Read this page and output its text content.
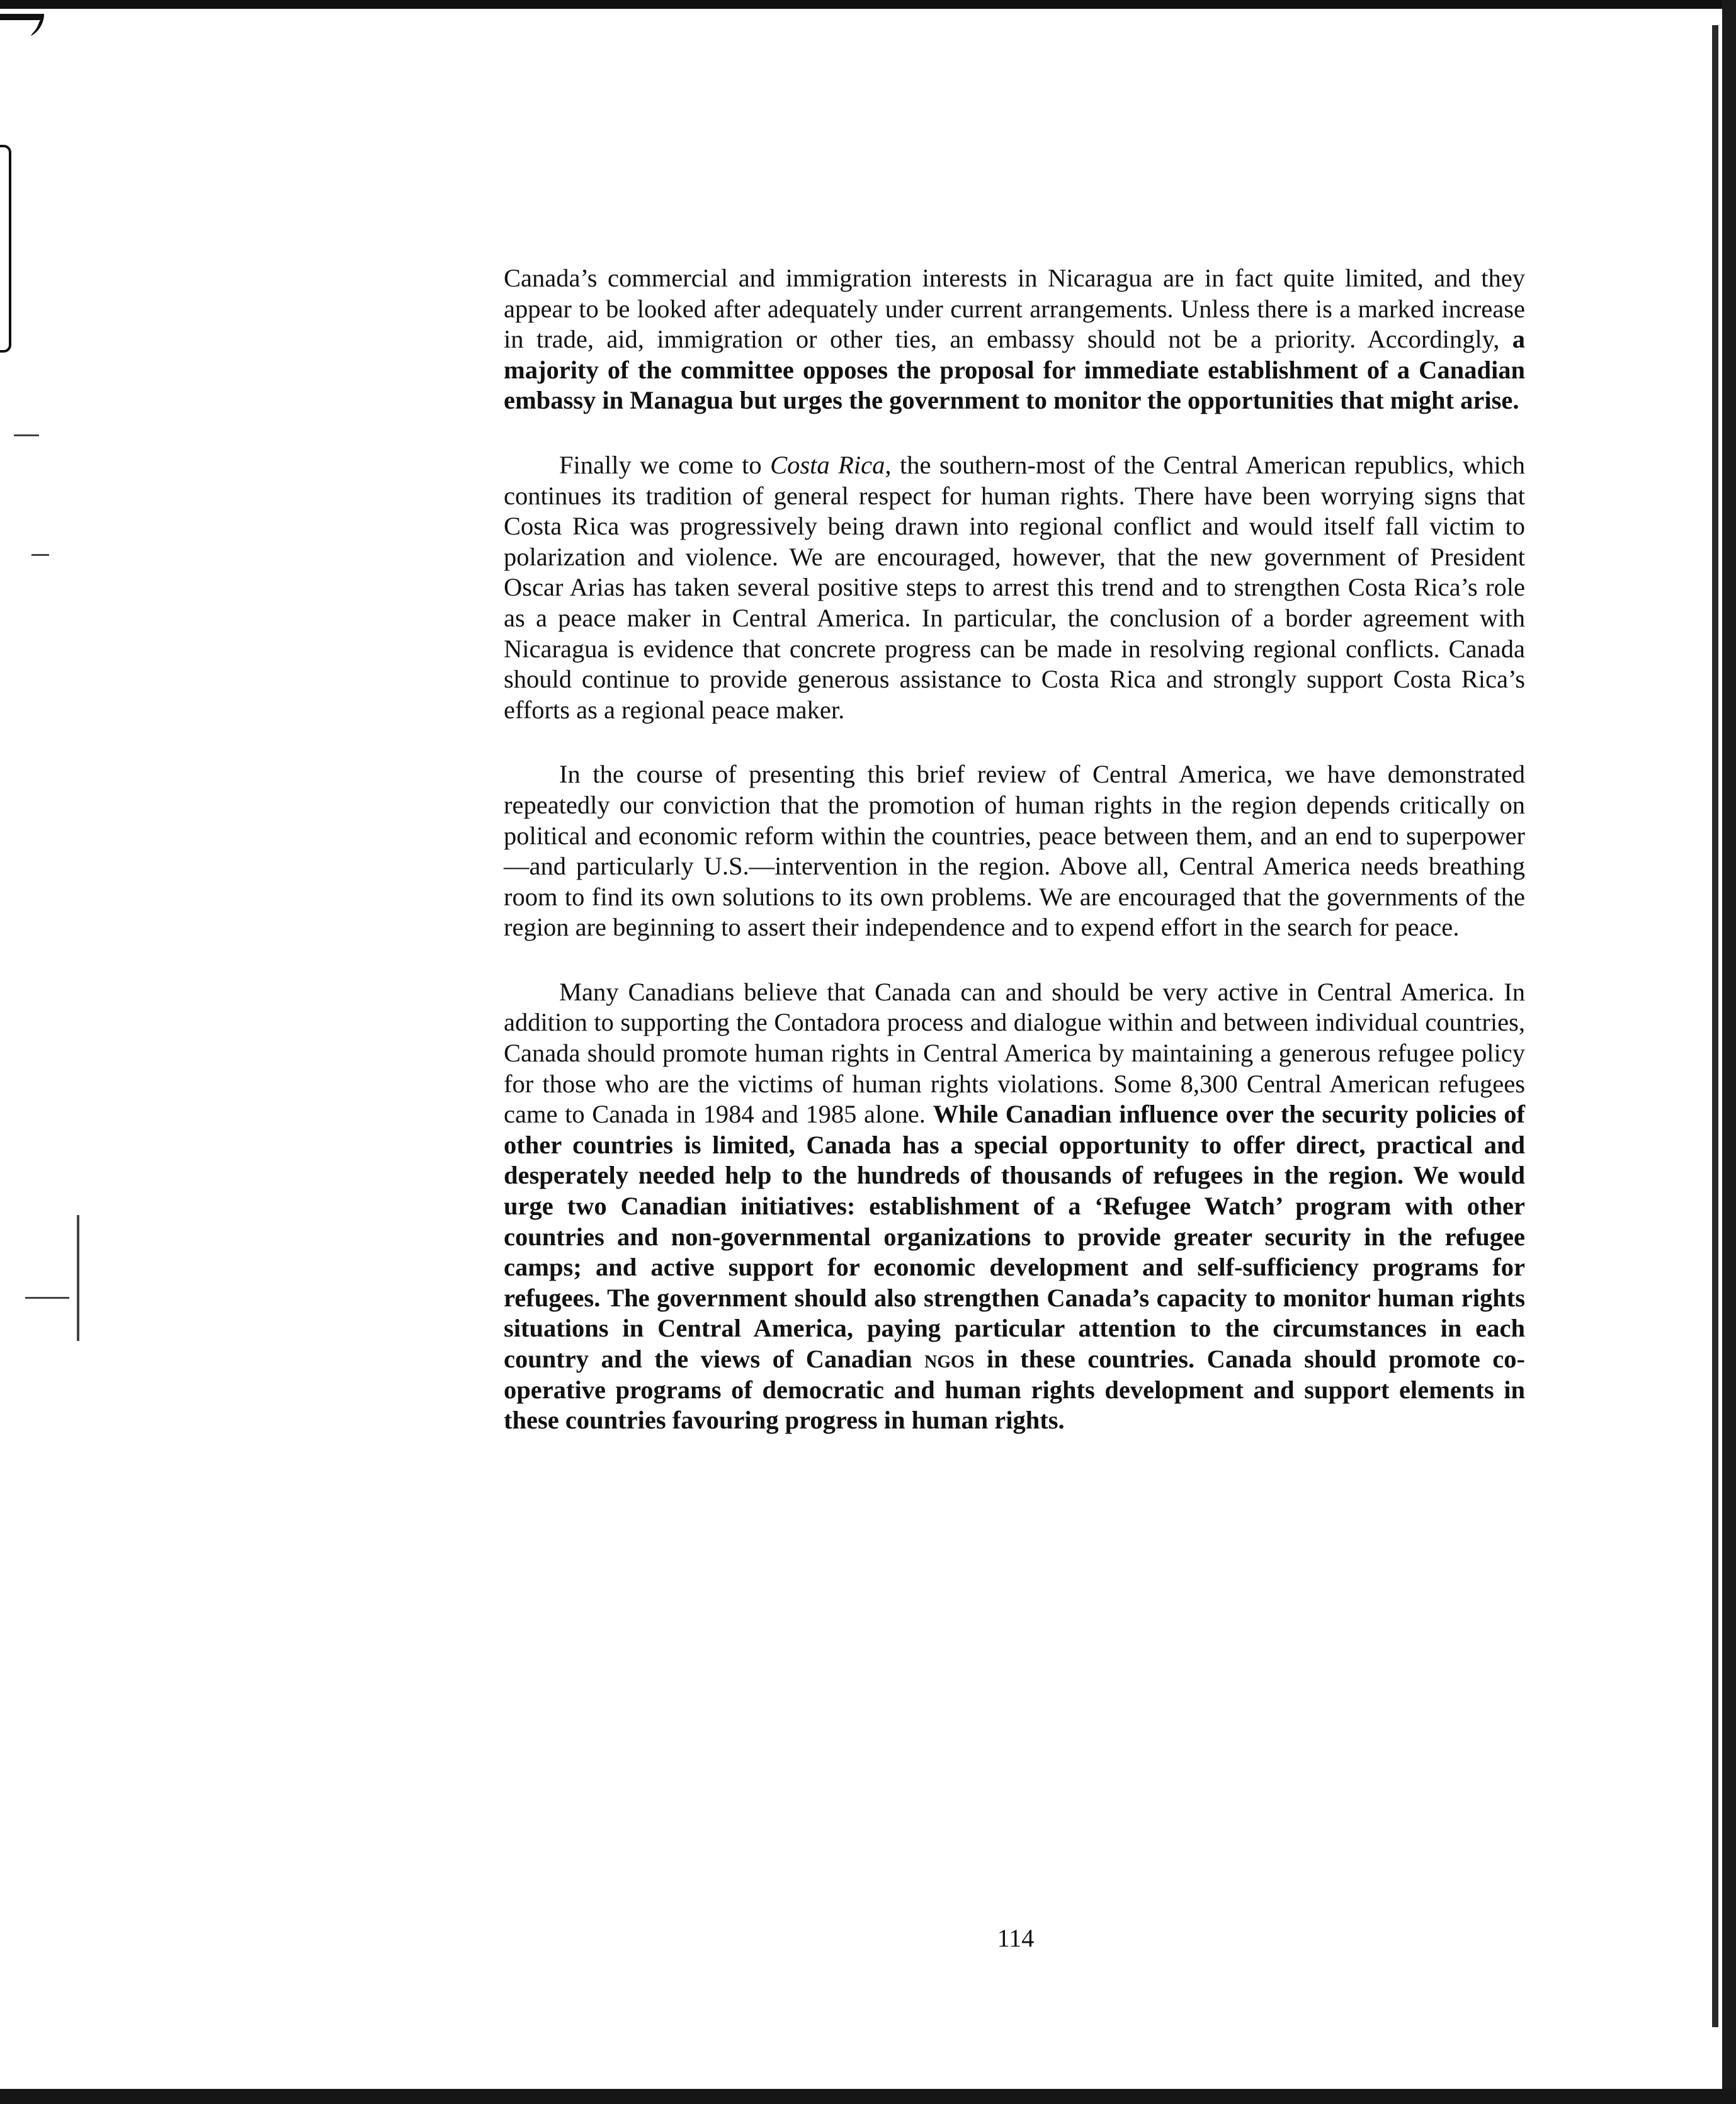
Canada’s commercial and immigration interests in Nicaragua are in fact quite limited, and they appear to be looked after adequately under current arrangements. Unless there is a marked increase in trade, aid, immigration or other ties, an embassy should not be a priority. Accordingly, a majority of the committee opposes the proposal for immediate establishment of a Canadian embassy in Managua but urges the government to monitor the opportunities that might arise.

Finally we come to Costa Rica, the southern-most of the Central American republics, which continues its tradition of general respect for human rights. There have been worrying signs that Costa Rica was progressively being drawn into regional conflict and would itself fall victim to polarization and violence. We are encouraged, however, that the new government of President Oscar Arias has taken several positive steps to arrest this trend and to strengthen Costa Rica’s role as a peace maker in Central America. In particular, the conclusion of a border agreement with Nicaragua is evidence that concrete progress can be made in resolving regional conflicts. Canada should continue to provide generous assistance to Costa Rica and strongly support Costa Rica’s efforts as a regional peace maker.

In the course of presenting this brief review of Central America, we have demonstrated repeatedly our conviction that the promotion of human rights in the region depends critically on political and economic reform within the countries, peace between them, and an end to superpower—and particularly U.S.—intervention in the region. Above all, Central America needs breathing room to find its own solutions to its own problems. We are encouraged that the governments of the region are beginning to assert their independence and to expend effort in the search for peace.

Many Canadians believe that Canada can and should be very active in Central America. In addition to supporting the Contadora process and dialogue within and between individual countries, Canada should promote human rights in Central America by maintaining a generous refugee policy for those who are the victims of human rights violations. Some 8,300 Central American refugees came to Canada in 1984 and 1985 alone. While Canadian influence over the security policies of other countries is limited, Canada has a special opportunity to offer direct, practical and desperately needed help to the hundreds of thousands of refugees in the region. We would urge two Canadian initiatives: establishment of a ‘Refugee Watch’ program with other countries and non-governmental organizations to provide greater security in the refugee camps; and active support for economic development and self-sufficiency programs for refugees. The government should also strengthen Canada’s capacity to monitor human rights situations in Central America, paying particular attention to the circumstances in each country and the views of Canadian ngos in these countries. Canada should promote co-operative programs of democratic and human rights development and support elements in these countries favouring progress in human rights.

114
